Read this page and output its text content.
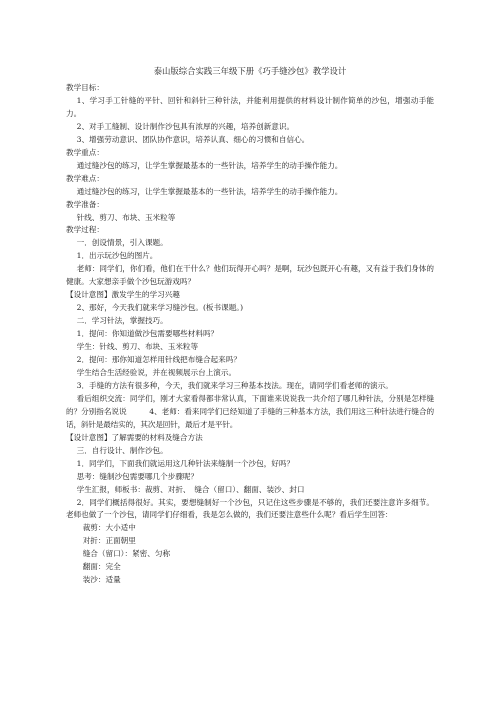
泰山版综合实践三年级下册《巧手缝沙包》教学设计
教学目标：
1、学习手工针缝的平针、回针和斜针三种针法，并能利用提供的材料设计制作简单的沙包，增强动手能力。
2、对手工缝制、设计制作沙包具有浓厚的兴趣，培养创新意识。
3、增强劳动意识、团队协作意识，培养认真、细心的习惯和自信心。
教学重点：
通过缝沙包的练习，让学生掌握最基本的一些针法，培养学生的动手操作能力。
教学难点：
通过缝沙包的练习，让学生掌握最基本的一些针法，培养学生的动手操作能力。
教学准备：
针线、剪刀、布块、玉米粒等
教学过程：
一．创设情景，引入课题。
1．出示玩沙包的图片。
老师：同学们，你们看，他们在干什么？他们玩得开心吗？是啊，玩沙包既开心有趣，又有益于我们身体的健康。大家想亲手做个沙包玩游戏吗？
【设计意图】激发学生的学习兴趣
2、那好，今天我们就来学习缝沙包。(板书课题。)
二．学习针法，掌握技巧。
1．提问：你知道做沙包需要哪些材料吗？
学生：针线、剪刀、布块、玉米粒等
2．提问：那你知道怎样用针线把布缝合起来吗？
学生结合生活经验说，并在视频展示台上演示。
3．手缝的方法有很多种，今天，我们就来学习三种基本技法。现在，请同学们看老师的演示。
看后组织交流：同学们，刚才大家看得都非常认真，下面谁来说说我一共介绍了哪几种针法，分别是怎样缝的？分别指名说说　　　4、老师：看来同学们已经知道了手缝的三种基本方法，我们用这三种针法进行缝合的话，斜针是最结实的，其次是回针，最后才是平针。
【设计意图】了解需要的材料及缝合方法
三．自行设计、制作沙包。
1．同学们，下面我们就运用这几种针法来缝制一个沙包，好吗？
思考：缝制沙包需要哪几个步骤呢？
学生汇报，师板书：裁剪、对折、　缝合（留口）、翻面、装沙、封口
2．同学们概括得很好。其实，要想缝制好一个沙包，只记住这些步骤是不够的，我们还要注意许多细节。老师也做了一个沙包，请同学们仔细看，我是怎么做的，我们还要注意些什么呢？看后学生回答：
裁剪：大小适中
对折：正面朝里
缝合（留口）：紧密、匀称
翻面：完全
装沙：适量
